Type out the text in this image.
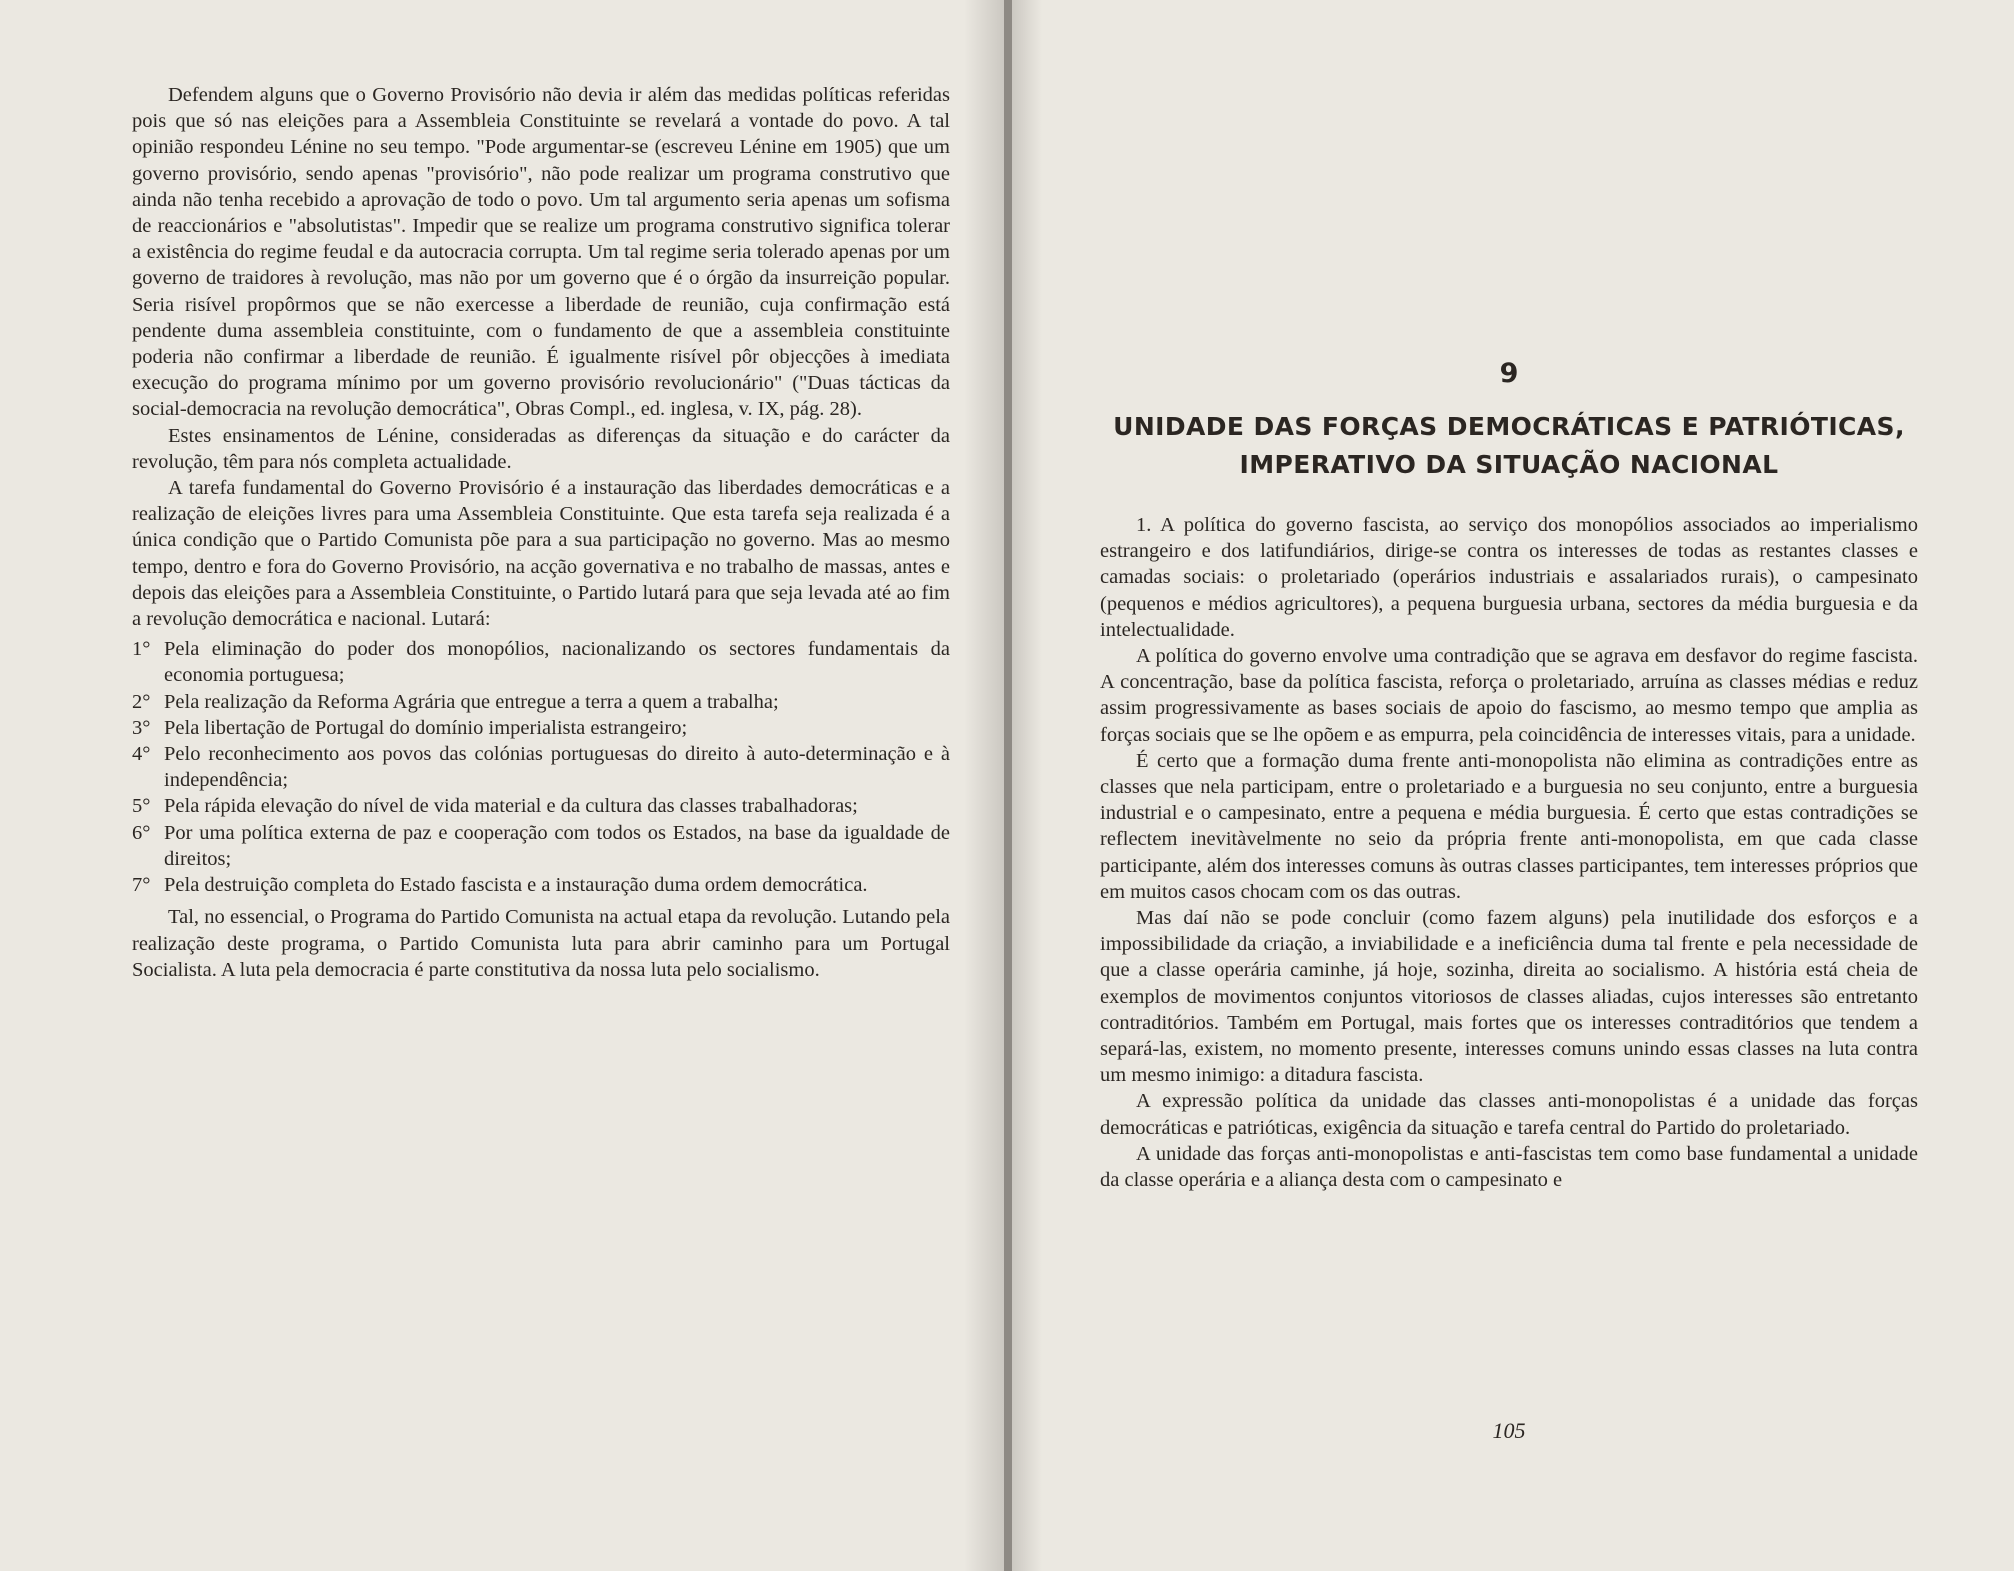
Defendem alguns que o Governo Provisório não devia ir além das medidas políticas referidas pois que só nas eleições para a Assembleia Constituinte se revelará a vontade do povo. A tal opinião respondeu Lénine no seu tempo. "Pode argumentar-se (escreveu Lénine em 1905) que um governo provisório, sendo apenas "provisório", não pode realizar um programa construtivo que ainda não tenha recebido a aprovação de todo o povo. Um tal argumento seria apenas um sofisma de reaccionários e "absolutistas". Impedir que se realize um programa construtivo significa tolerar a existência do regime feudal e da autocracia corrupta. Um tal regime seria tolerado apenas por um governo de traidores à revolução, mas não por um governo que é o órgão da insurreição popular. Seria risível propôrmos que se não exercesse a liberdade de reunião, cuja confirmação está pendente duma assembleia constituinte, com o fundamento de que a assembleia constituinte poderia não confirmar a liberdade de reunião. É igualmente risível pôr objecções à imediata execução do programa mínimo por um governo provisório revolucionário" ("Duas tácticas da social-democracia na revolução democrática", Obras Compl., ed. inglesa, v. IX, pág. 28).

Estes ensinamentos de Lénine, consideradas as diferenças da situação e do carácter da revolução, têm para nós completa actualidade.

A tarefa fundamental do Governo Provisório é a instauração das liberdades democráticas e a realização de eleições livres para uma Assembleia Constituinte. Que esta tarefa seja realizada é a única condição que o Partido Comunista põe para a sua participação no governo. Mas ao mesmo tempo, dentro e fora do Governo Provisório, na acção governativa e no trabalho de massas, antes e depois das eleições para a Assembleia Constituinte, o Partido lutará para que seja levada até ao fim a revolução democrática e nacional. Lutará:

1° Pela eliminação do poder dos monopólios, nacionalizando os sectores fundamentais da economia portuguesa;
2° Pela realização da Reforma Agrária que entregue a terra a quem a trabalha;
3° Pela libertação de Portugal do domínio imperialista estrangeiro;
4° Pelo reconhecimento aos povos das colónias portuguesas do direito à auto-determinação e à independência;
5° Pela rápida elevação do nível de vida material e da cultura das classes trabalhadoras;
6° Por uma política externa de paz e cooperação com todos os Estados, na base da igualdade de direitos;
7° Pela destruição completa do Estado fascista e a instauração duma ordem democrática.

Tal, no essencial, o Programa do Partido Comunista na actual etapa da revolução. Lutando pela realização deste programa, o Partido Comunista luta para abrir caminho para um Portugal Socialista. A luta pela democracia é parte constitutiva da nossa luta pelo socialismo.

9
UNIDADE DAS FORÇAS DEMOCRÁTICAS E PATRIÓTICAS,
IMPERATIVO DA SITUAÇÃO NACIONAL

1. A política do governo fascista, ao serviço dos monopólios associados ao imperialismo estrangeiro e dos latifundiários, dirige-se contra os interesses de todas as restantes classes e camadas sociais: o proletariado (operários industriais e assalariados rurais), o campesinato (pequenos e médios agricultores), a pequena burguesia urbana, sectores da média burguesia e da intelectualidade.

A política do governo envolve uma contradição que se agrava em desfavor do regime fascista. A concentração, base da política fascista, reforça o proletariado, arruína as classes médias e reduz assim progressivamente as bases sociais de apoio do fascismo, ao mesmo tempo que amplia as forças sociais que se lhe opõem e as empurra, pela coincidência de interesses vitais, para a unidade.

É certo que a formação duma frente anti-monopolista não elimina as contradições entre as classes que nela participam, entre o proletariado e a burguesia no seu conjunto, entre a burguesia industrial e o campesinato, entre a pequena e média burguesia. É certo que estas contradições se reflectem inevitàvelmente no seio da própria frente anti-monopolista, em que cada classe participante, além dos interesses comuns às outras classes participantes, tem interesses próprios que em muitos casos chocam com os das outras.

Mas daí não se pode concluir (como fazem alguns) pela inutilidade dos esforços e a impossibilidade da criação, a inviabilidade e a ineficiência duma tal frente e pela necessidade de que a classe operária caminhe, já hoje, sozinha, direita ao socialismo. A história está cheia de exemplos de movimentos conjuntos vitoriosos de classes aliadas, cujos interesses são entretanto contraditórios. Também em Portugal, mais fortes que os interesses contraditórios que tendem a separá-las, existem, no momento presente, interesses comuns unindo essas classes na luta contra um mesmo inimigo: a ditadura fascista.

A expressão política da unidade das classes anti-monopolistas é a unidade das forças democráticas e patrióticas, exigência da situação e tarefa central do Partido do proletariado.

A unidade das forças anti-monopolistas e anti-fascistas tem como base fundamental a unidade da classe operária e a aliança desta com o campesinato e

105
